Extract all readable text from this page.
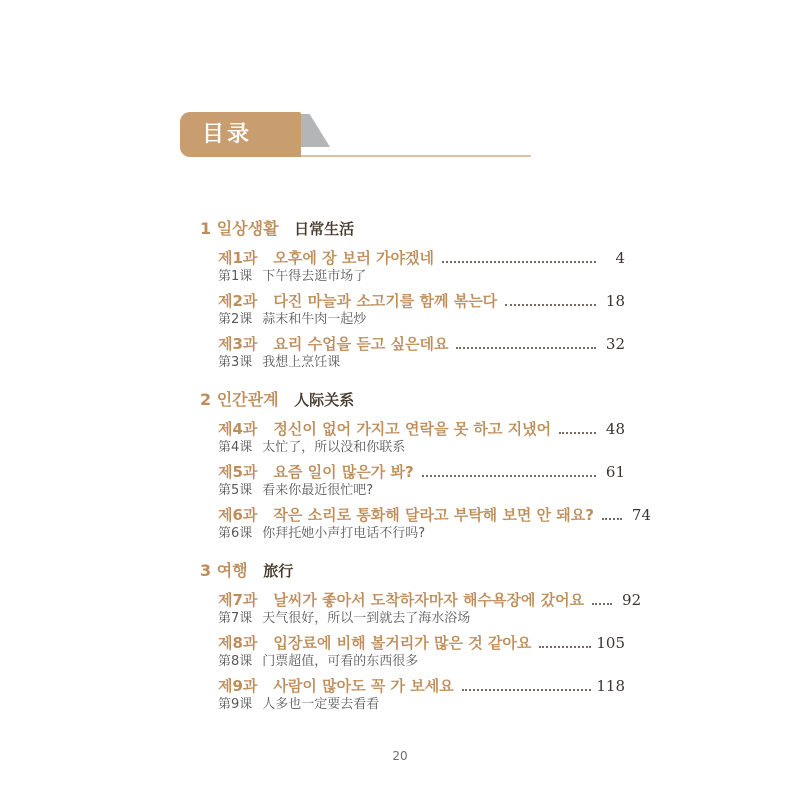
目录
1 일상생활 日常生活
제1과 오후에 장 보러 가야겠네	4
第1课 下午得去逛市场了
제2과 다진 마늘과 소고기를 함께 볶는다	18
第2课 蒜末和牛肉一起炒
제3과 요리 수업을 듣고 싶은데요	32
第3课 我想上烹饪课
2 인간관계 人际关系
제4과 정신이 없어 가지고 연락을 못 하고 지냈어	48
第4课 太忙了，所以没和你联系
제5과 요즘 일이 많은가 봐?	61
第5课 看来你最近很忙吧?
제6과 작은 소리로 통화해 달라고 부탁해 보면 안 돼요?	74
第6课 你拜托她小声打电话不行吗?
3 여행 旅行
제7과 날씨가 좋아서 도착하자마자 해수욕장에 갔어요	92
第7课 天气很好，所以一到就去了海水浴场
제8과 입장료에 비해 볼거리가 많은 것 같아요	105
第8课 门票超值，可看的东西很多
제9과 사람이 많아도 꼭 가 보세요	118
第9课 人多也一定要去看看
20
